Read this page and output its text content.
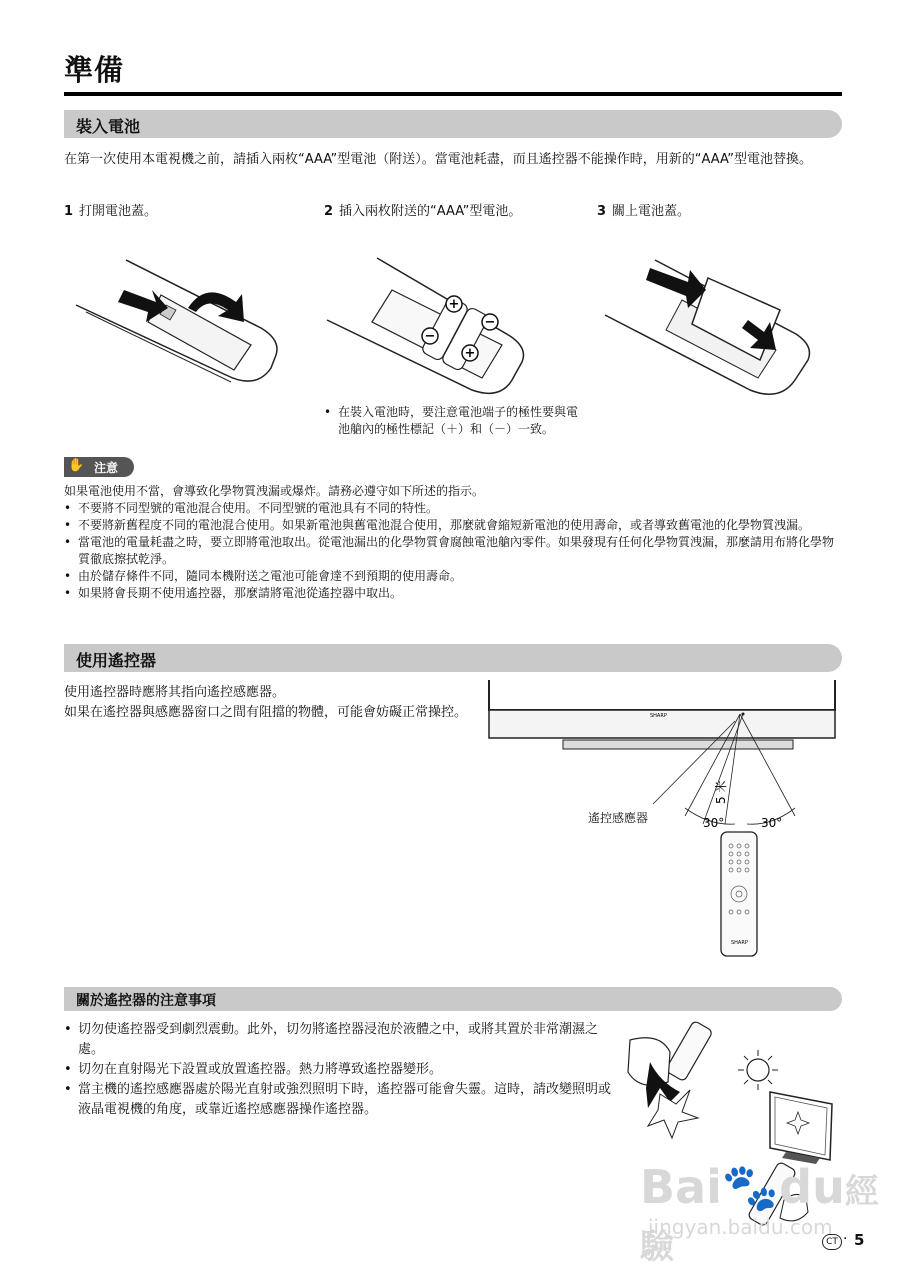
準備
裝入電池
在第一次使用本電視機之前，請插入兩枚“AAA”型電池（附送）。當電池耗盡，而且遙控器不能操作時，用新的“AAA”型電池替換。
1 打開電池蓋。	2 插入兩枚附送的“AAA”型電池。	3 關上電池蓋。
+
−
−
+
• 在裝入電池時，要注意電池端子的極性要與電池艙內的極性標記（＋）和（－）一致。
✋ 注意
如果電池使用不當，會導致化學物質洩漏或爆炸。請務必遵守如下所述的指示。
• 不要將不同型號的電池混合使用。不同型號的電池具有不同的特性。
• 不要將新舊程度不同的電池混合使用。如果新電池與舊電池混合使用，那麼就會縮短新電池的使用壽命，或者導致舊電池的化學物質洩漏。
• 當電池的電量耗盡之時，要立即將電池取出。從電池漏出的化學物質會腐蝕電池艙內零件。如果發現有任何化學物質洩漏，那麼請用布將化學物質徹底擦拭乾淨。
• 由於儲存條件不同，隨同本機附送之電池可能會達不到預期的使用壽命。
• 如果將會長期不使用遙控器，那麼請將電池從遙控器中取出。
使用遙控器
使用遙控器時應將其指向遙控感應器。
如果在遙控器與感應器窗口之間有阻擋的物體，可能會妨礙正常操控。	SHARP
5 米
30°	30°
SHARP
遙控感應器
關於遙控器的注意事項
• 切勿使遙控器受到劇烈震動。此外，切勿將遙控器浸泡於液體之中，或將其置於非常潮濕之處。
• 切勿在直射陽光下設置或放置遙控器。熱力將導致遙控器變形。
• 當主機的遙控感應器處於陽光直射或強烈照明下時，遙控器可能會失靈。這時，請改變照明或液晶電視機的角度，或靠近遙控感應器操作遙控器。
Bai🐾du經驗
jingyan.baidu.com
CT · 5
